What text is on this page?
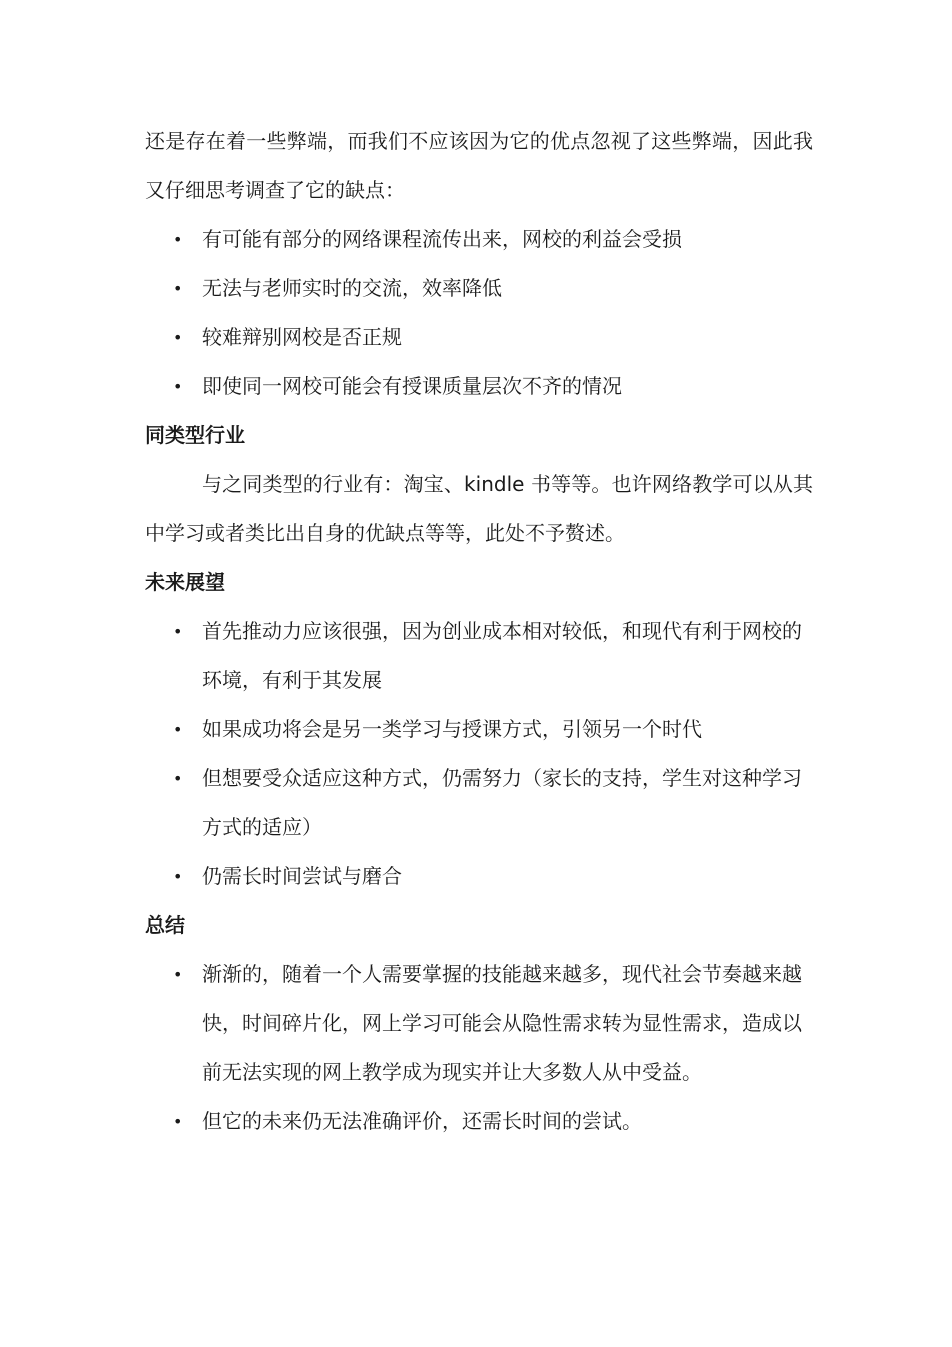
还是存在着一些弊端，而我们不应该因为它的优点忽视了这些弊端，因此我又仔细思考调查了它的缺点：

• 有可能有部分的网络课程流传出来，网校的利益会受损
• 无法与老师实时的交流，效率降低
• 较难辩别网校是否正规
• 即使同一网校可能会有授课质量层次不齐的情况
同类型行业

与之同类型的行业有：淘宝、kindle 书等等。也许网络教学可以从其中学习或者类比出自身的优缺点等等，此处不予赘述。

未来展望
• 首先推动力应该很强，因为创业成本相对较低，和现代有利于网校的环境，有利于其发展
• 如果成功将会是另一类学习与授课方式，引领另一个时代
• 但想要受众适应这种方式，仍需努力（家长的支持，学生对这种学习方式的适应）
• 仍需长时间尝试与磨合
总结
• 渐渐的，随着一个人需要掌握的技能越来越多，现代社会节奏越来越快，时间碎片化，网上学习可能会从隐性需求转为显性需求，造成以前无法实现的网上教学成为现实并让大多数人从中受益。
• 但它的未来仍无法准确评价，还需长时间的尝试。
